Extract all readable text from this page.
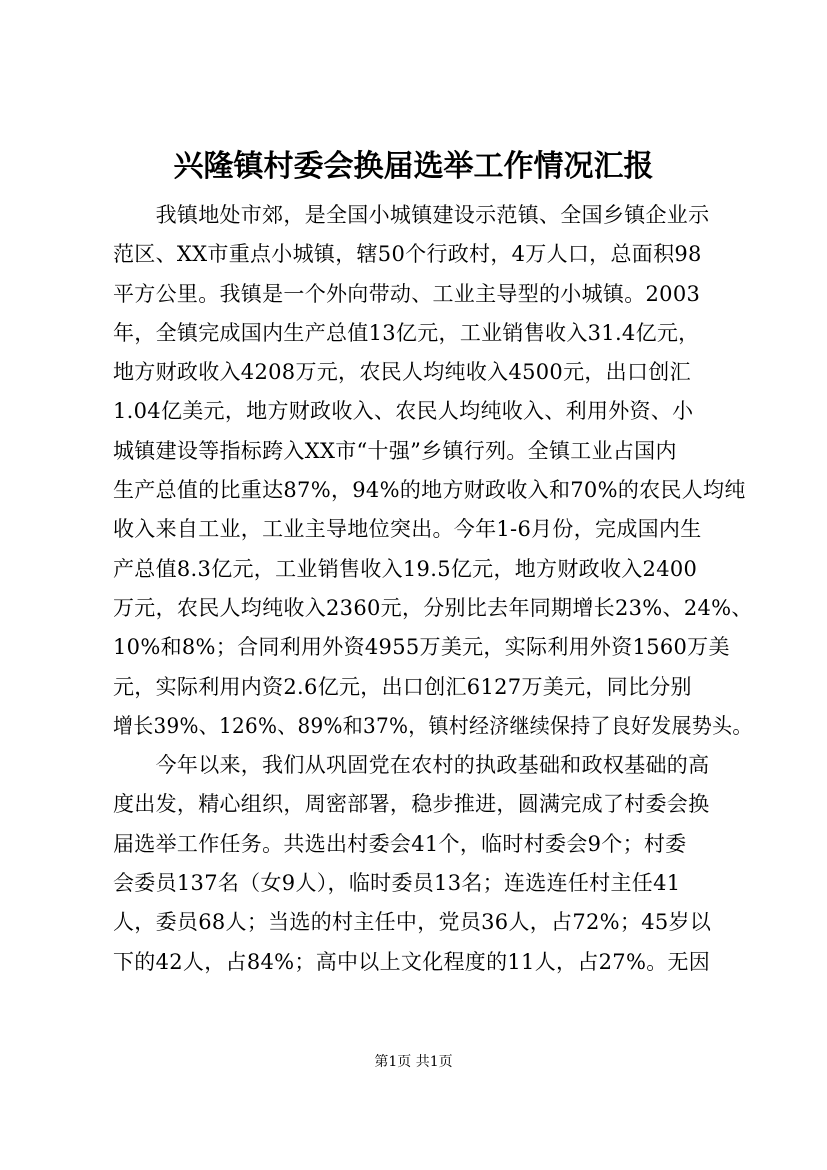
兴隆镇村委会换届选举工作情况汇报
　　我镇地处市郊，是全国小城镇建设示范镇、全国乡镇企业示
范区、XX市重点小城镇，辖50个行政村，4万人口，总面积98
平方公里。我镇是一个外向带动、工业主导型的小城镇。2003
年，全镇完成国内生产总值13亿元，工业销售收入31.4亿元，
地方财政收入4208万元，农民人均纯收入4500元，出口创汇
1.04亿美元，地方财政收入、农民人均纯收入、利用外资、小
城镇建设等指标跨入XX市“十强”乡镇行列。全镇工业占国内
生产总值的比重达87%，94%的地方财政收入和70%的农民人均纯
收入来自工业，工业主导地位突出。今年1-6月份，完成国内生
产总值8.3亿元，工业销售收入19.5亿元，地方财政收入2400
万元，农民人均纯收入2360元，分别比去年同期增长23%、24%、
10%和8%；合同利用外资4955万美元，实际利用外资1560万美
元，实际利用内资2.6亿元，出口创汇6127万美元，同比分别
增长39%、126%、89%和37%，镇村经济继续保持了良好发展势头。
　　今年以来，我们从巩固党在农村的执政基础和政权基础的高
度出发，精心组织，周密部署，稳步推进，圆满完成了村委会换
届选举工作任务。共选出村委会41个，临时村委会9个；村委
会委员137名（女9人），临时委员13名；连选连任村主任41
人，委员68人；当选的村主任中，党员36人，占72%；45岁以
下的42人，占84%；高中以上文化程度的11人，占27%。无因
第1页 共1页
